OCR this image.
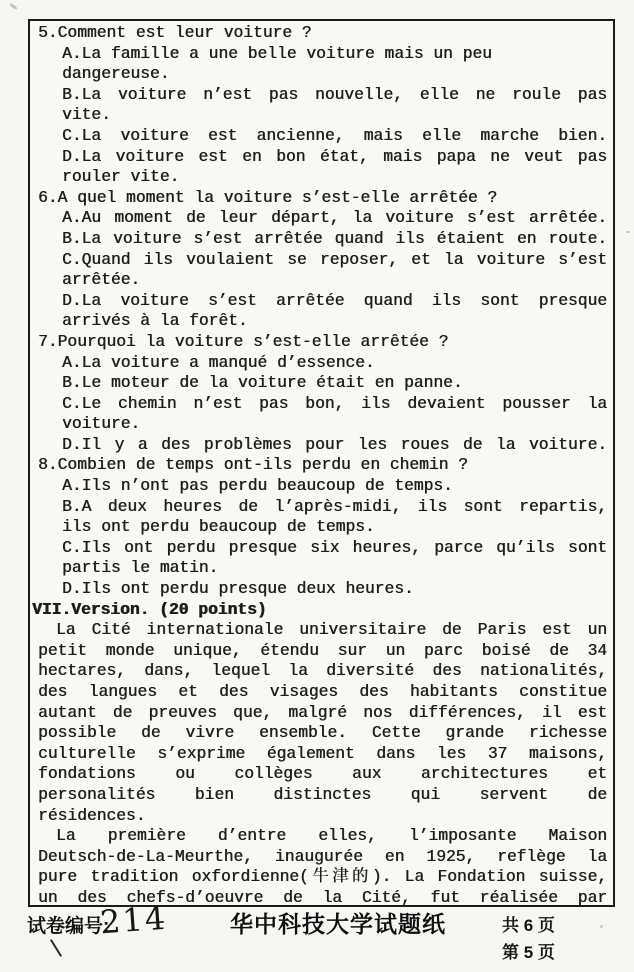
5.Comment est leur voiture ?
A.La famille a une belle voiture mais un peu
dangereuse.
B.La voiture n’est pas nouvelle, elle ne roule pas
vite.
C.La voiture est ancienne, mais elle marche bien.
D.La voiture est en bon état, mais papa ne veut pas
rouler vite.
6.A quel moment la voiture s’est-elle arrêtée ?
A.Au moment de leur départ, la voiture s’est arrêtée.
B.La voiture s’est arrêtée quand ils étaient en route.
C.Quand ils voulaient se reposer, et la voiture s’est
arrêtée.
D.La voiture s’est arrêtée quand ils sont presque
arrivés à la forêt.
7.Pourquoi la voiture s’est-elle arrêtée ?
A.La voiture a manqué d’essence.
B.Le moteur de la voiture était en panne.
C.Le chemin n’est pas bon, ils devaient pousser la
voiture.
D.Il y a des problèmes pour les roues de la voiture.
8.Combien de temps ont-ils perdu en chemin ?
A.Ils n’ont pas perdu beaucoup de temps.
B.A deux heures de l’après-midi, ils sont repartis,
ils ont perdu beaucoup de temps.
C.Ils ont perdu presque six heures, parce qu’ils sont
partis le matin.
D.Ils ont perdu presque deux heures.
VII.Version. (20 points)
La Cité internationale universitaire de Paris est un
petit monde unique, étendu sur un parc boisé de 34
hectares, dans, lequel la diversité des nationalités,
des langues et des visages des habitants constitue
autant de preuves que, malgré nos différences, il est
possible de vivre ensemble. Cette grande richesse
culturelle s’exprime également dans les 37 maisons,
fondations ou collèges aux architectures et
personalités bien distinctes qui servent de
résidences.
La première d’entre elles, l’imposante Maison
Deutsch-de-La-Meurthe, inaugurée en 1925, reflège la
pure tradition oxfordienne(牛津的). La Fondation suisse,
un des chefs-d’oeuvre de la Cité, fut réalisée par
试卷编号:
214	华中科技大学试题纸	共 6 页
第 5 页
